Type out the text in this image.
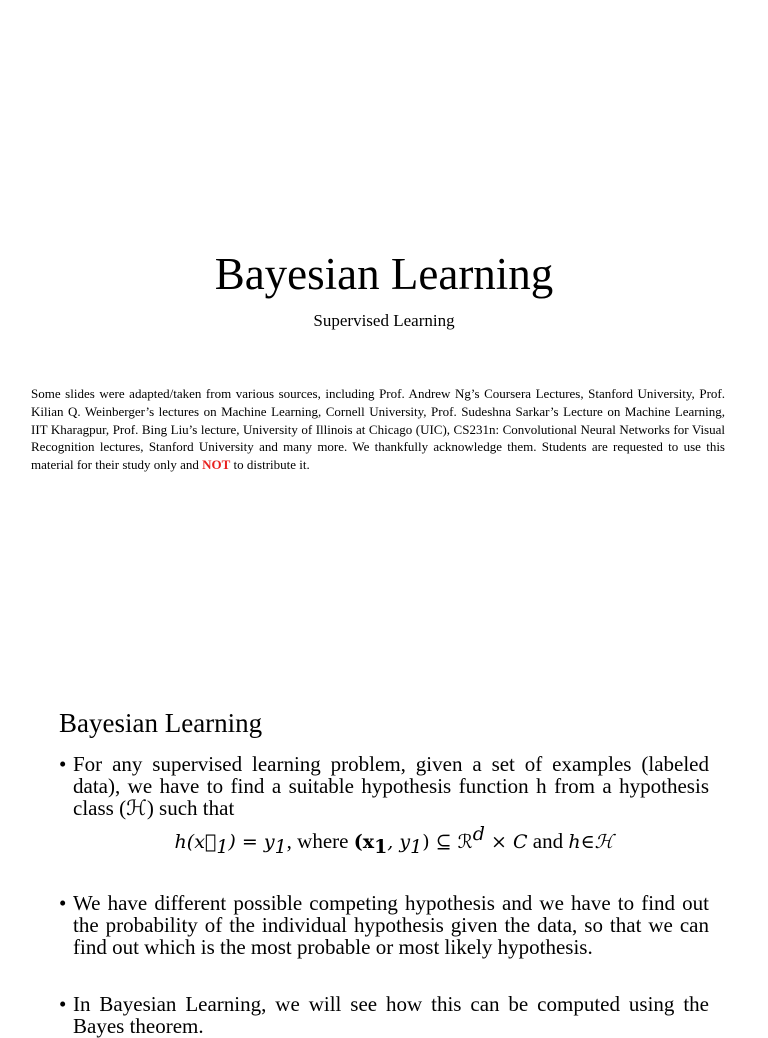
Bayesian Learning

Supervised Learning

Some slides were adapted/taken from various sources, including Prof. Andrew Ng’s Coursera Lectures, Stanford University, Prof. Kilian Q. Weinberger’s lectures on Machine Learning, Cornell University, Prof. Sudeshna Sarkar’s Lecture on Machine Learning, IIT Kharagpur, Prof. Bing Liu’s lecture, University of Illinois at Chicago (UIC), CS231n: Convolutional Neural Networks for Visual Recognition lectures, Stanford University and many more. We thankfully acknowledge them. Students are requested to use this material for their study only and NOT to distribute it.

Bayesian Learning
• For any supervised learning problem, given a set of examples (labeled data), we have to find a suitable hypothesis function h from a hypothesis class (ℋ) such that
$h(x⃗_1) = y_1$, where ($x_1$, $y_1$) ⊆ ℛ$^d$ × C and h∈ℋ
• We have different possible competing hypothesis and we have to find out the probability of the individual hypothesis given the data, so that we can find out which is the most probable or most likely hypothesis.
• In Bayesian Learning, we will see how this can be computed using the Bayes theorem.
